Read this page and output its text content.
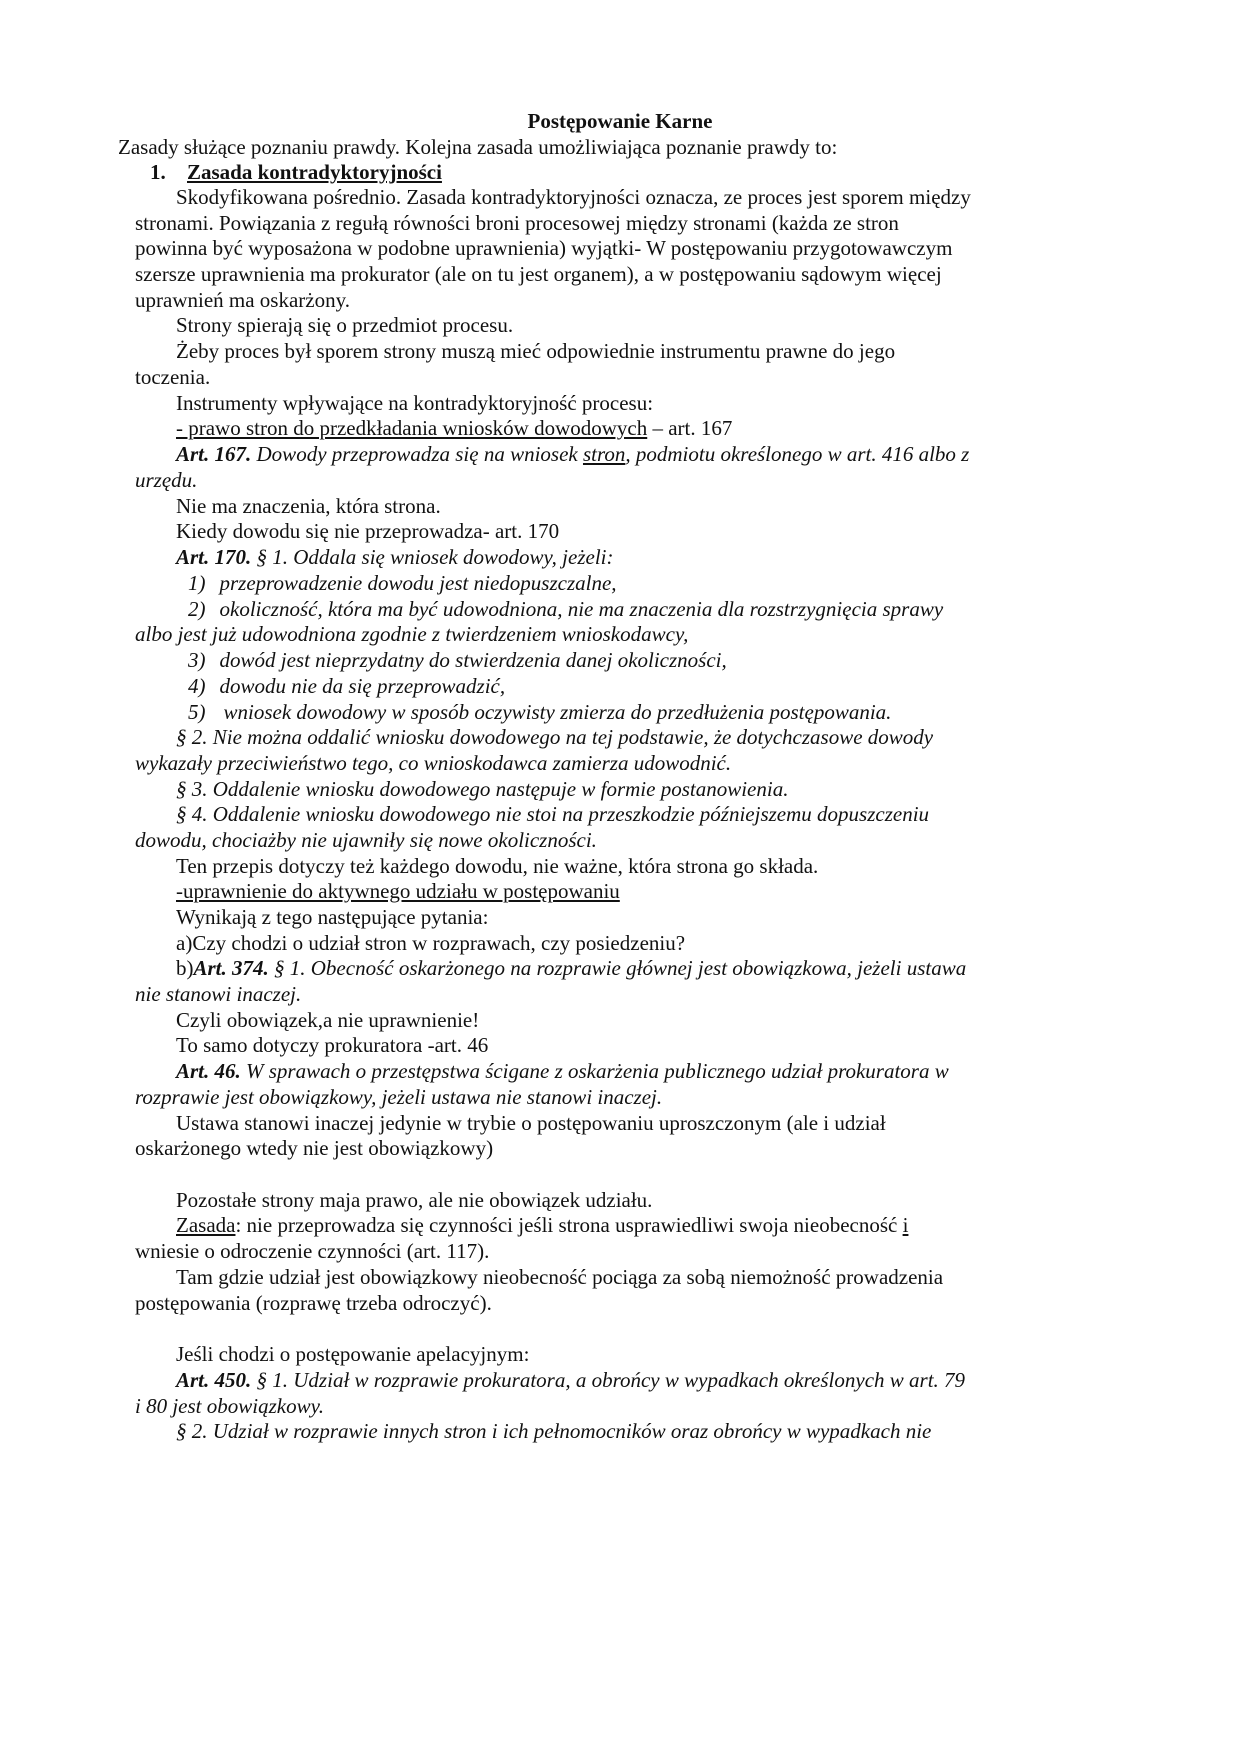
Postępowanie Karne
Zasady służące poznaniu prawdy. Kolejna zasada umożliwiająca poznanie prawdy to:
1. Zasada kontradyktoryjności
Skodyfikowana pośrednio. Zasada kontradyktoryjności oznacza, ze proces jest sporem między
stronami. Powiązania z regułą równości broni procesowej między stronami (każda ze stron
powinna być wyposażona w podobne uprawnienia) wyjątki- W postępowaniu przygotowawczym
szersze uprawnienia ma prokurator (ale on tu jest organem), a w postępowaniu sądowym więcej
uprawnień ma oskarżony.
Strony spierają się o przedmiot procesu.
Żeby proces był sporem strony muszą mieć odpowiednie instrumentu prawne do jego
toczenia.
Instrumenty wpływające na kontradyktoryjność procesu:
- prawo stron do przedkładania wniosków dowodowych – art. 167
Art. 167. Dowody przeprowadza się na wniosek stron, podmiotu określonego w art. 416 albo z
urzędu.
Nie ma znaczenia, która strona.
Kiedy dowodu się nie przeprowadza- art. 170
Art. 170. § 1. Oddala się wniosek dowodowy, jeżeli:
1) przeprowadzenie dowodu jest niedopuszczalne,
2) okoliczność, która ma być udowodniona, nie ma znaczenia dla rozstrzygnięcia sprawy
albo jest już udowodniona zgodnie z twierdzeniem wnioskodawcy,
3) dowód jest nieprzydatny do stwierdzenia danej okoliczności,
4) dowodu nie da się przeprowadzić,
5) wniosek dowodowy w sposób oczywisty zmierza do przedłużenia postępowania.
§ 2. Nie można oddalić wniosku dowodowego na tej podstawie, że dotychczasowe dowody
wykazały przeciwieństwo tego, co wnioskodawca zamierza udowodnić.
§ 3. Oddalenie wniosku dowodowego następuje w formie postanowienia.
§ 4. Oddalenie wniosku dowodowego nie stoi na przeszkodzie późniejszemu dopuszczeniu
dowodu, chociażby nie ujawniły się nowe okoliczności.
Ten przepis dotyczy też każdego dowodu, nie ważne, która strona go składa.
-uprawnienie do aktywnego udziału w postępowaniu
Wynikają z tego następujące pytania:
a)Czy chodzi o udział stron w rozprawach, czy posiedzeniu?
b)Art. 374. § 1. Obecność oskarżonego na rozprawie głównej jest obowiązkowa, jeżeli ustawa
nie stanowi inaczej.
Czyli obowiązek,a nie uprawnienie!
To samo dotyczy prokuratora -art. 46
Art. 46. W sprawach o przestępstwa ścigane z oskarżenia publicznego udział prokuratora w
rozprawie jest obowiązkowy, jeżeli ustawa nie stanowi inaczej.
Ustawa stanowi inaczej jedynie w trybie o postępowaniu uproszczonym (ale i udział
oskarżonego wtedy nie jest obowiązkowy)
Pozostałe strony maja prawo, ale nie obowiązek udziału.
Zasada: nie przeprowadza się czynności jeśli strona usprawiedliwi swoja nieobecność i
wniesie o odroczenie czynności (art. 117).
Tam gdzie udział jest obowiązkowy nieobecność pociąga za sobą niemożność prowadzenia
postępowania (rozprawę trzeba odroczyć).
Jeśli chodzi o postępowanie apelacyjnym:
Art. 450. § 1. Udział w rozprawie prokuratora, a obrońcy w wypadkach określonych w art. 79
i 80 jest obowiązkowy.
§ 2. Udział w rozprawie innych stron i ich pełnomocników oraz obrońcy w wypadkach nie
